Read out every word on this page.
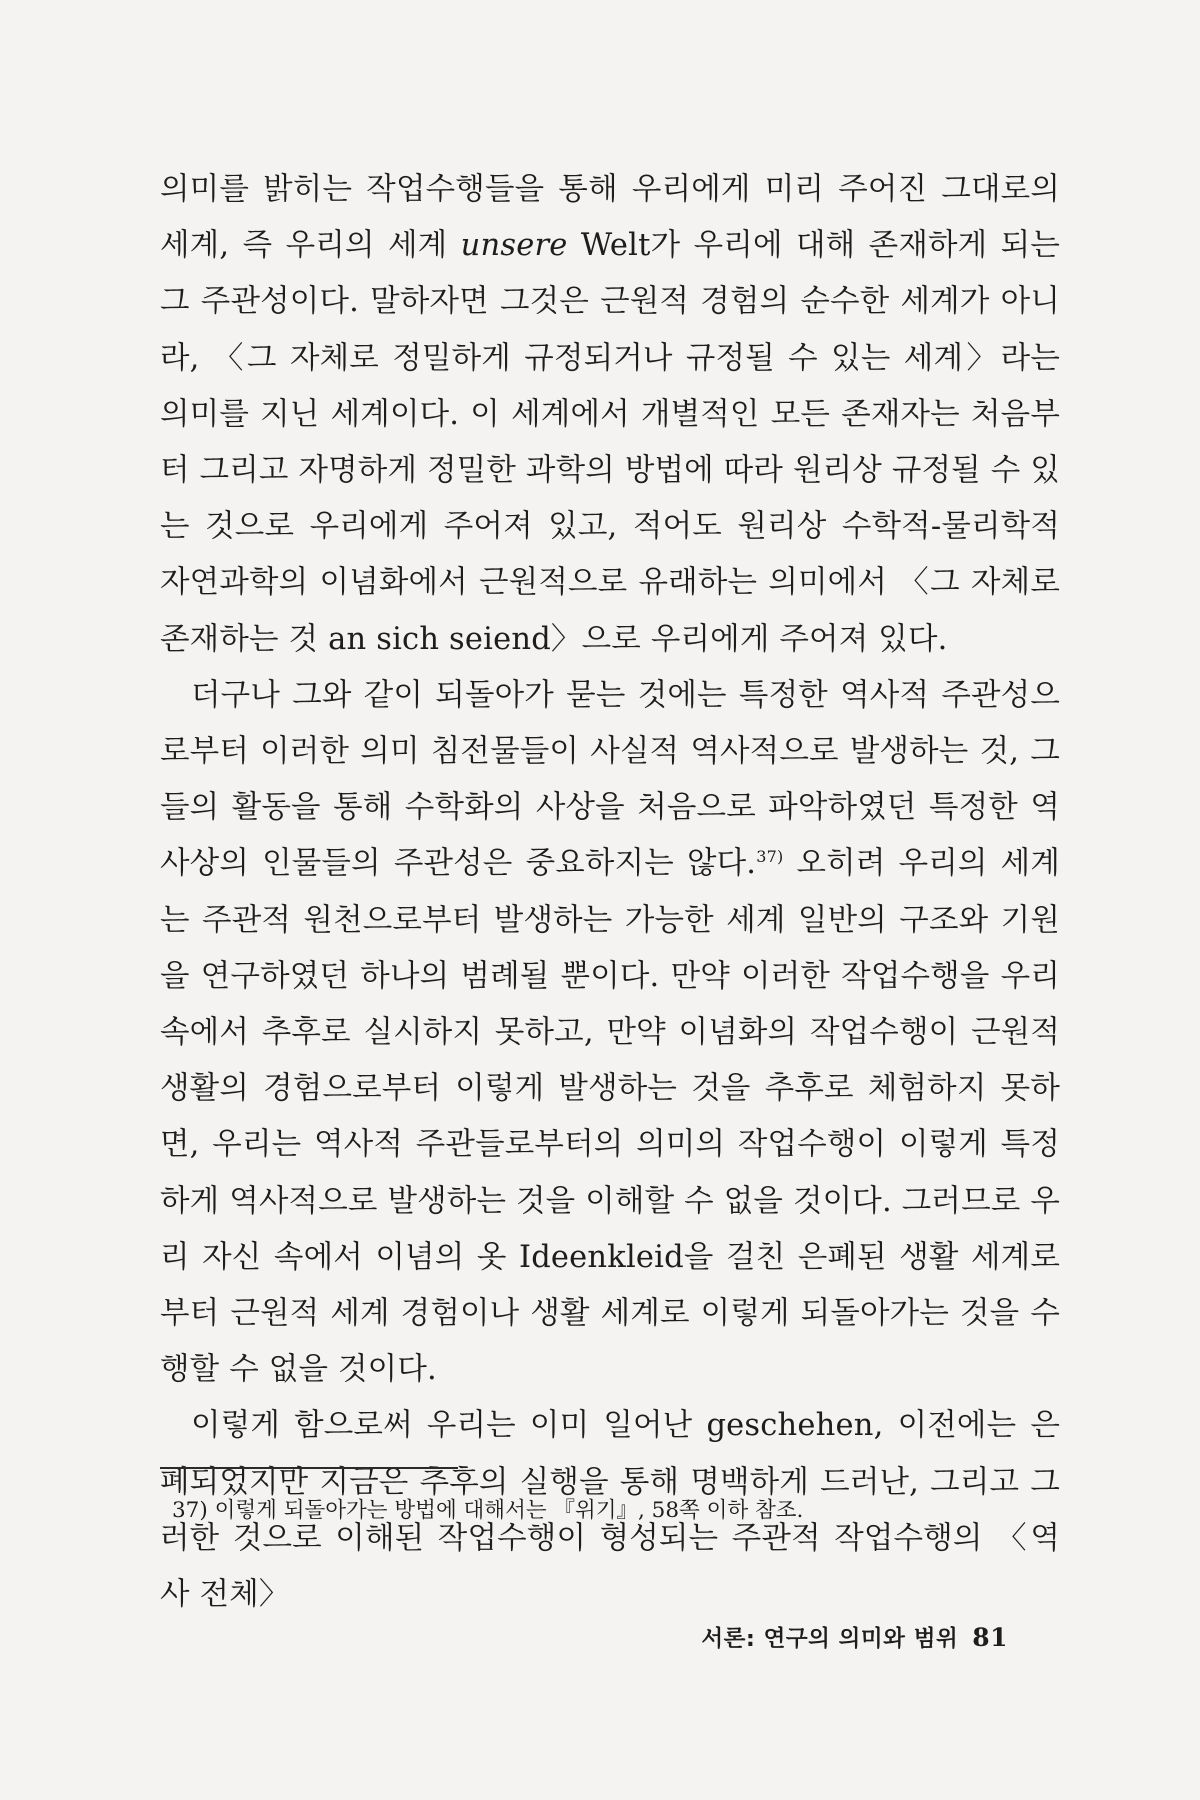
의미를 밝히는 작업수행들을 통해 우리에게 미리 주어진 그대로의 세계, 즉 우리의 세계 unsere Welt가 우리에 대해 존재하게 되는 그 주관성이다. 말하자면 그것은 근원적 경험의 순수한 세계가 아니라, 〈그 자체로 정밀하게 규정되거나 규정될 수 있는 세계〉라는 의미를 지닌 세계이다. 이 세계에서 개별적인 모든 존재자는 처음부터 그리고 자명하게 정밀한 과학의 방법에 따라 원리상 규정될 수 있는 것으로 우리에게 주어져 있고, 적어도 원리상 수학적-물리학적 자연과학의 이념화에서 근원적으로 유래하는 의미에서 〈그 자체로 존재하는 것 an sich seiend〉으로 우리에게 주어져 있다.

더구나 그와 같이 되돌아가 묻는 것에는 특정한 역사적 주관성으로부터 이러한 의미 침전물들이 사실적 역사적으로 발생하는 것, 그들의 활동을 통해 수학화의 사상을 처음으로 파악하였던 특정한 역사상의 인물들의 주관성은 중요하지는 않다.$^{37)}$ 오히려 우리의 세계는 주관적 원천으로부터 발생하는 가능한 세계 일반의 구조와 기원을 연구하였던 하나의 범례될 뿐이다. 만약 이러한 작업수행을 우리 속에서 추후로 실시하지 못하고, 만약 이념화의 작업수행이 근원적 생활의 경험으로부터 이렇게 발생하는 것을 추후로 체험하지 못하면, 우리는 역사적 주관들로부터의 의미의 작업수행이 이렇게 특정하게 역사적으로 발생하는 것을 이해할 수 없을 것이다. 그러므로 우리 자신 속에서 이념의 옷 Ideenkleid을 걸친 은폐된 생활 세계로부터 근원적 세계 경험이나 생활 세계로 이렇게 되돌아가는 것을 수행할 수 없을 것이다.

이렇게 함으로써 우리는 이미 일어난 geschehen, 이전에는 은폐되었지만 지금은 추후의 실행을 통해 명백하게 드러난, 그리고 그러한 것으로 이해된 작업수행이 형성되는 주관적 작업수행의 〈역사 전체〉

37) 이렇게 되돌아가는 방법에 대해서는 『위기』, 58쪽 이하 참조.
서론: 연구의 의미와 범위 81
